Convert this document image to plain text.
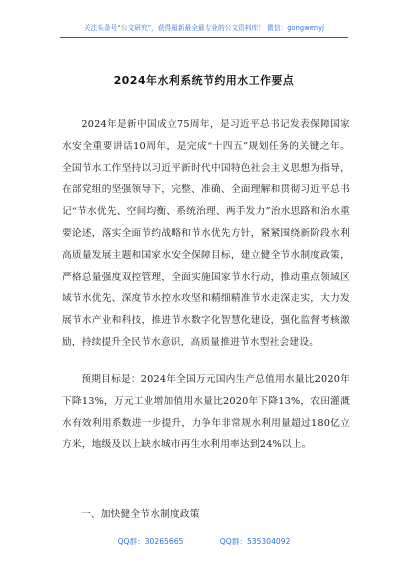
关注头条号“公文研究”，获得最新最全最专业的公文资料库！ 微信：gongwenyj
2024年水利系统节约用水工作要点

2024年是新中国成立75周年，是习近平总书记发表保障国家水安全重要讲话10周年，是完成“十四五”规划任务的关键之年。全国节水工作坚持以习近平新时代中国特色社会主义思想为指导，在部党组的坚强领导下，完整、准确、全面理解和贯彻习近平总书记“节水优先、空间均衡、系统治理、两手发力”治水思路和治水重要论述，落实全面节约战略和节水优先方针，紧紧围绕新阶段水利高质量发展主题和国家水安全保障目标，建立健全节水制度政策，严格总量强度双控管理，全面实施国家节水行动，推动重点领域区域节水优先、深度节水控水攻坚和精细精准节水走深走实，大力发展节水产业和科技，推进节水数字化智慧化建设，强化监督考核激励，持续提升全民节水意识，高质量推进节水型社会建设。

预期目标是：2024年全国万元国内生产总值用水量比2020年下降13%，万元工业增加值用水量比2020年下降13%，农田灌溉水有效利用系数进一步提升，力争年非常规水利用量超过180亿立方米，地级及以上缺水城市再生水利用率达到24%以上。

一、加快健全节水制度政策
QQ群：30265665	QQ群：535304092
